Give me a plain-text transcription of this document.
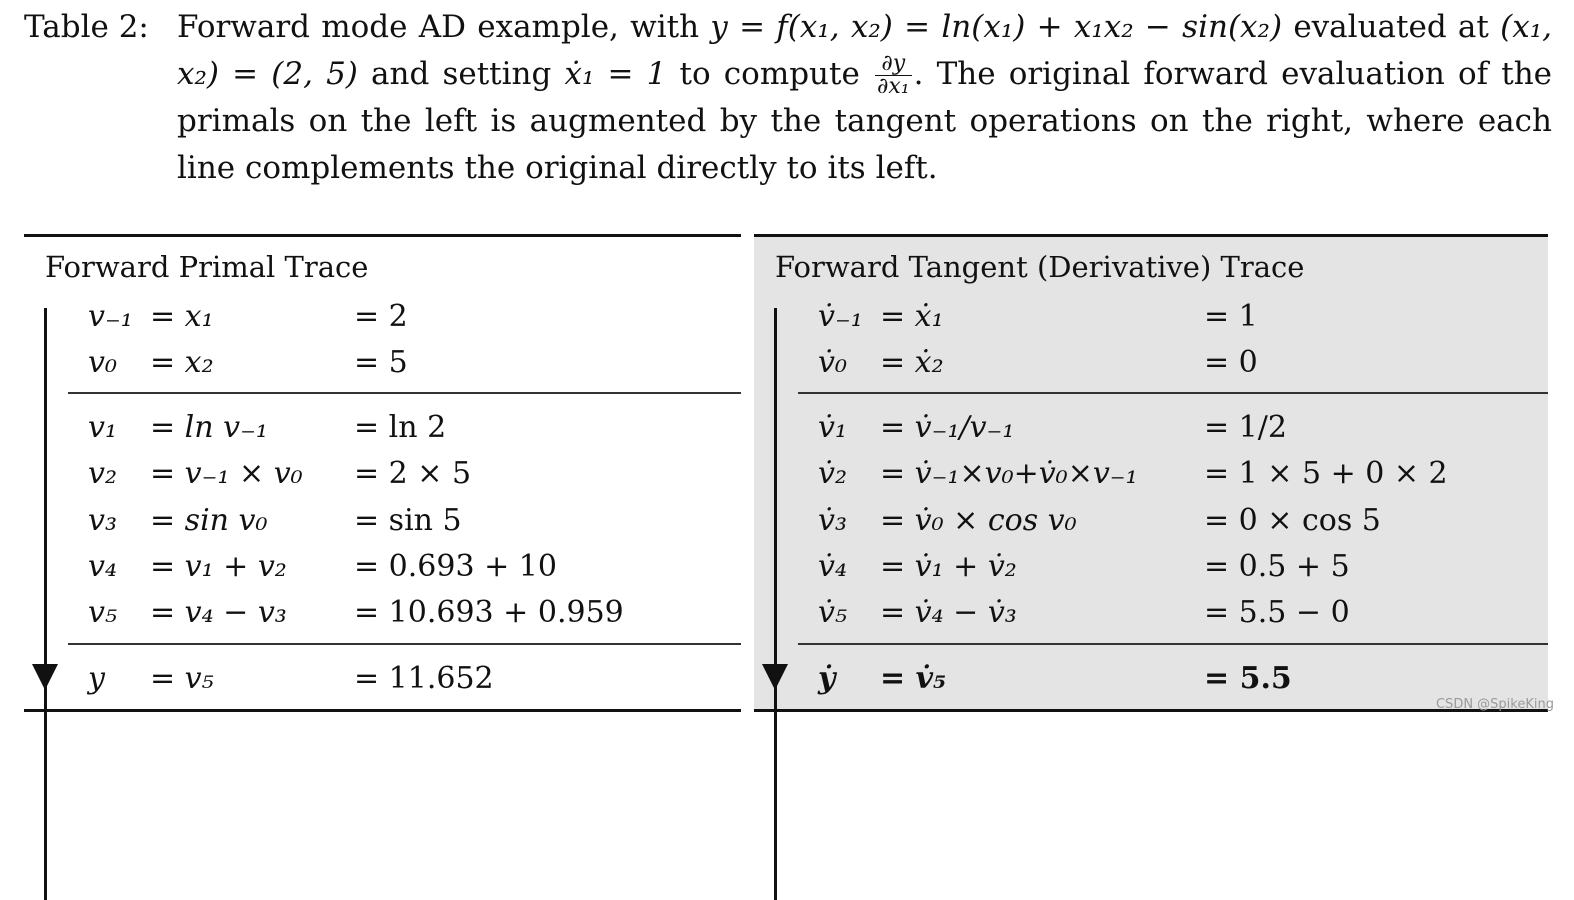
Table 2: Forward mode AD example, with y = f(x₁, x₂) = ln(x₁) + x₁x₂ − sin(x₂) evaluated at (x₁, x₂) = (2, 5) and setting ẋ₁ = 1 to compute $\frac{\partial y}{\text{∂x₁}}$ . The original forward evaluation of the primals on the left is augmented by the tangent operations on the right, where each line complements the original directly to its left.
Forward Primal Trace
v₋₁ = x₁	= 2
v₀ = x₂	= 5
v₁ = ln v₋₁	= ln 2
v₂ = v₋₁ × v₀ = 2 × 5
v₃ = sin v₀	= sin 5
v₄ = v₁ + v₂ = 0.693 + 10
v₅ = v₄ − v₃ = 10.693 + 0.959
y = v₅	= 11.652
Forward Tangent (Derivative) Trace
v̇₋₁ = ẋ₁	= 1
v̇₀ = ẋ₂	= 0
v̇₁ = v̇₋₁/v₋₁	= 1/2
v̇₂ = v̇₋₁×v₀+v̇₀×v₋₁ = 1 × 5 + 0 × 2
v̇₃ = v̇₀ × cos v₀	= 0 × cos 5
v̇₄ = v̇₁ + v̇₂	= 0.5 + 5
v̇₅ = v̇₄ − v̇₃	= 5.5 − 0
ẏ = v̇₅	= 5.5
CSDN @SpikeKing
